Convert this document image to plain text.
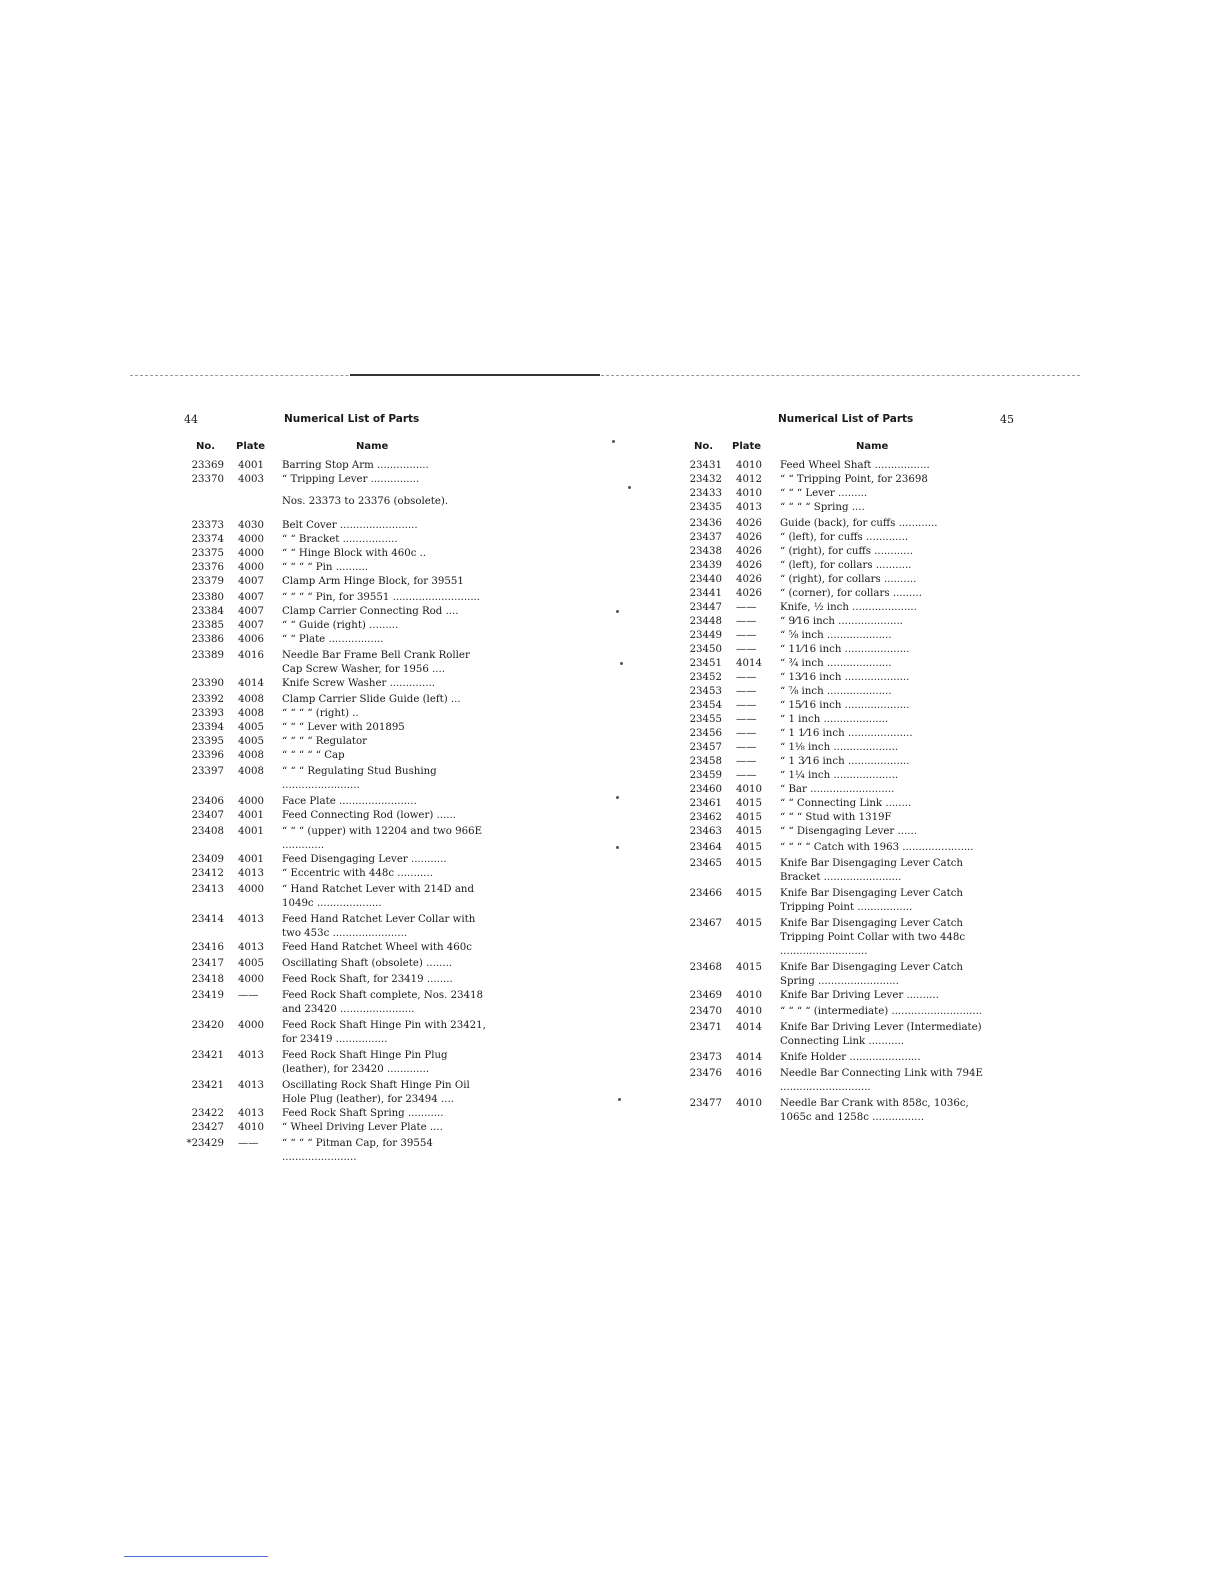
44	Numerical List of Parts
No. Plate	Name
23369	4001	Barring Stop Arm ................
23370	4003	“ Tripping Lever ...............
Nos. 23373 to 23376 (obsolete).
23373	4030	Belt Cover ........................
23374	4000	“ “ Bracket .................
23375	4000	“ “ Hinge Block with 460c ..
23376	4000	“ “ “ “ Pin ..........
23379	4007	Clamp Arm Hinge Block, for 39551
23380	4007	“ “ “ “ Pin, for 39551 ...........................
23384	4007	Clamp Carrier Connecting Rod ....
23385	4007	“ “ Guide (right) .........
23386	4006	“ “ Plate .................
23389	4016	Needle Bar Frame Bell Crank Roller Cap Screw Washer, for 1956 ....
23390	4014	Knife Screw Washer ..............
23392	4008	Clamp Carrier Slide Guide (left) ...
23393	4008	“ “ “ “ (right) ..
23394	4005	“ “ “ Lever with 201895
23395	4005	“ “ “ “ Regulator
23396	4008	“ “ “ “ “ Cap
23397	4008	“ “ “ Regulating Stud Bushing ........................
23406	4000	Face Plate ........................
23407	4001	Feed Connecting Rod (lower) ......
23408	4001	“ “ “ (upper) with 12204 and two 966E .............
23409	4001	Feed Disengaging Lever ...........
23412	4013	“ Eccentric with 448c ...........
23413	4000	“ Hand Ratchet Lever with 214D and 1049c ....................
23414	4013	Feed Hand Ratchet Lever Collar with two 453c .......................
23416	4013	Feed Hand Ratchet Wheel with 460c
23417	4005	Oscillating Shaft (obsolete) ........
23418	4000	Feed Rock Shaft, for 23419 ........
23419	——	Feed Rock Shaft complete, Nos. 23418 and 23420 .......................
23420	4000	Feed Rock Shaft Hinge Pin with 23421, for 23419 ................
23421	4013	Feed Rock Shaft Hinge Pin Plug (leather), for 23420 .............
23421	4013	Oscillating Rock Shaft Hinge Pin Oil Hole Plug (leather), for 23494 ....
23422	4013	Feed Rock Shaft Spring ...........
23427	4010	“ Wheel Driving Lever Plate ....
*23429	——	“ “ “ “ Pitman Cap, for 39554 .......................
Numerical List of Parts	45
No. Plate	Name
23431	4010	Feed Wheel Shaft .................
23432	4012	“ “ Tripping Point, for 23698
23433	4010	“ “ “ Lever .........
23435	4013	“ “ “ “ Spring ....
23436	4026	Guide (back), for cuffs ............
23437	4026	“ (left), for cuffs .............
23438	4026	“ (right), for cuffs ............
23439	4026	“ (left), for collars ...........
23440	4026	“ (right), for collars ..........
23441	4026	“ (corner), for collars .........
23447	——	Knife, ½ inch ....................
23448	——	“ 9⁄16 inch ....................
23449	——	“ ⅝ inch ....................
23450	——	“ 11⁄16 inch ....................
23451	4014	“ ¾ inch ....................
23452	——	“ 13⁄16 inch ....................
23453	——	“ ⅞ inch ....................
23454	——	“ 15⁄16 inch ....................
23455	——	“ 1 inch ....................
23456	——	“ 1 1⁄16 inch ....................
23457	——	“ 1⅛ inch ....................
23458	——	“ 1 3⁄16 inch ...................
23459	——	“ 1¼ inch ....................
23460	4010	“ Bar ..........................
23461	4015	“ “ Connecting Link ........
23462	4015	“ “ “ Stud with 1319F
23463	4015	“ “ Disengaging Lever ......
23464	4015	“ “ “ “ Catch with 1963 ......................
23465	4015	Knife Bar Disengaging Lever Catch Bracket ........................
23466	4015	Knife Bar Disengaging Lever Catch Tripping Point .................
23467	4015	Knife Bar Disengaging Lever Catch Tripping Point Collar with two 448c ...........................
23468	4015	Knife Bar Disengaging Lever Catch Spring .........................
23469	4010	Knife Bar Driving Lever ..........
23470	4010	“ “ “ “ (intermediate) ............................
23471	4014	Knife Bar Driving Lever (Intermediate) Connecting Link ...........
23473	4014	Knife Holder ......................
23476	4016	Needle Bar Connecting Link with 794E ............................
23477	4010	Needle Bar Crank with 858c, 1036c, 1065c and 1258c ................
